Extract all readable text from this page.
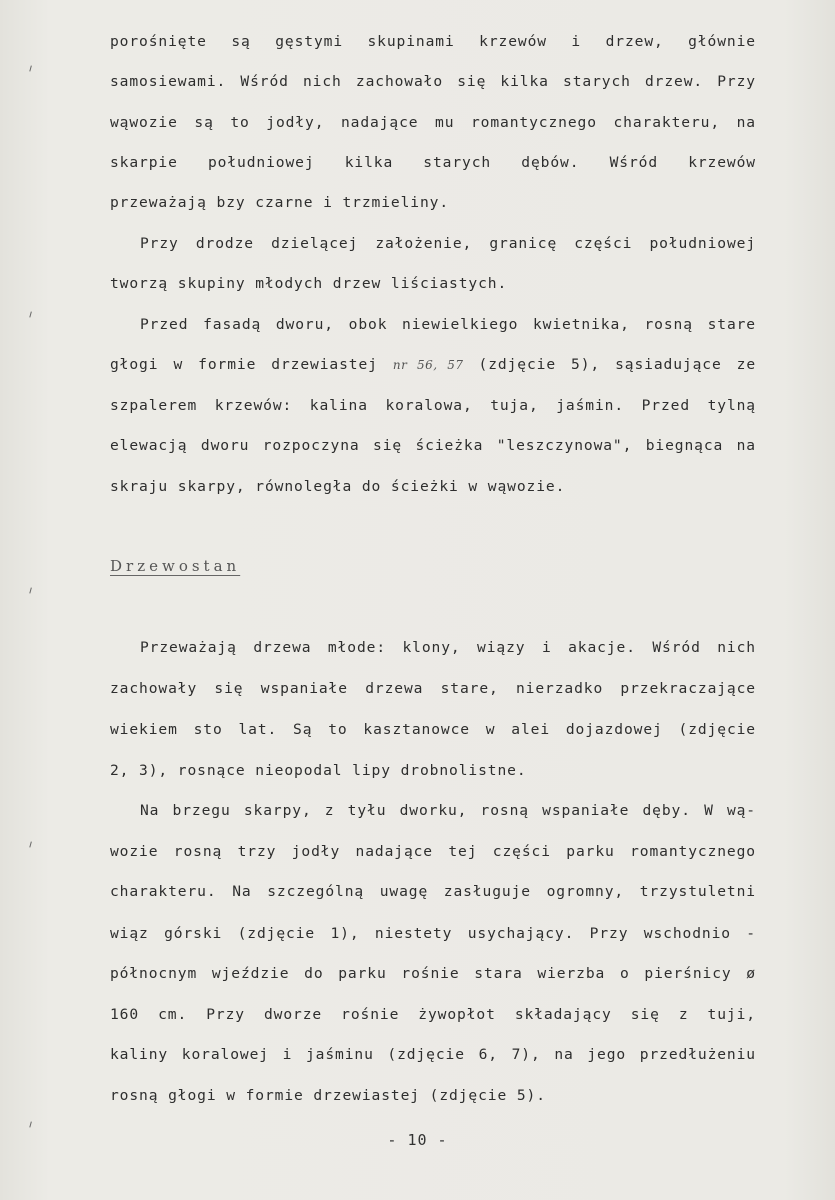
porośnięte są gęstymi skupinami krzewów i drzew, głównie
samosiewami. Wśród nich zachowało się kilka starych drzew. Przy
wąwozie są to jodły, nadające mu romantycznego charakteru, na
skarpie południowej kilka starych dębów. Wśród krzewów
przeważają bzy czarne i trzmieliny.
Przy drodze dzielącej założenie, granicę części południowej
tworzą skupiny młodych drzew liściastych.
Przed fasadą dworu, obok niewielkiego kwietnika, rosną stare
głogi w formie drzewiastej nr 56, 57 (zdjęcie 5), sąsiadujące ze
szpalerem krzewów: kalina koralowa, tuja, jaśmin. Przed tylną
elewacją dworu rozpoczyna się ścieżka "leszczynowa", biegnąca na
skraju skarpy, równoległa do ścieżki w wąwozie.
Drzewostan
Przeważają drzewa młode: klony, wiązy i akacje. Wśród nich
zachowały się wspaniałe drzewa stare, nierzadko przekraczające
wiekiem sto lat. Są to kasztanowce w alei dojazdowej (zdjęcie
2, 3), rosnące nieopodal lipy drobnolistne.
Na brzegu skarpy, z tyłu dworku, rosną wspaniałe dęby. W wą-
wozie rosną trzy jodły nadające tej części parku romantycznego
charakteru. Na szczególną uwagę zasługuje ogromny, trzystuletni
wiąz górski (zdjęcie 1), niestety usychający. Przy wschodnio -
północnym wjeździe do parku rośnie stara wierzba o pierśnicy ø
160 cm. Przy dworze rośnie żywopłot składający się z tuji,
kaliny koralowej i jaśminu (zdjęcie 6, 7), na jego przedłużeniu
rosną głogi w formie drzewiastej (zdjęcie 5).
- 10 -
